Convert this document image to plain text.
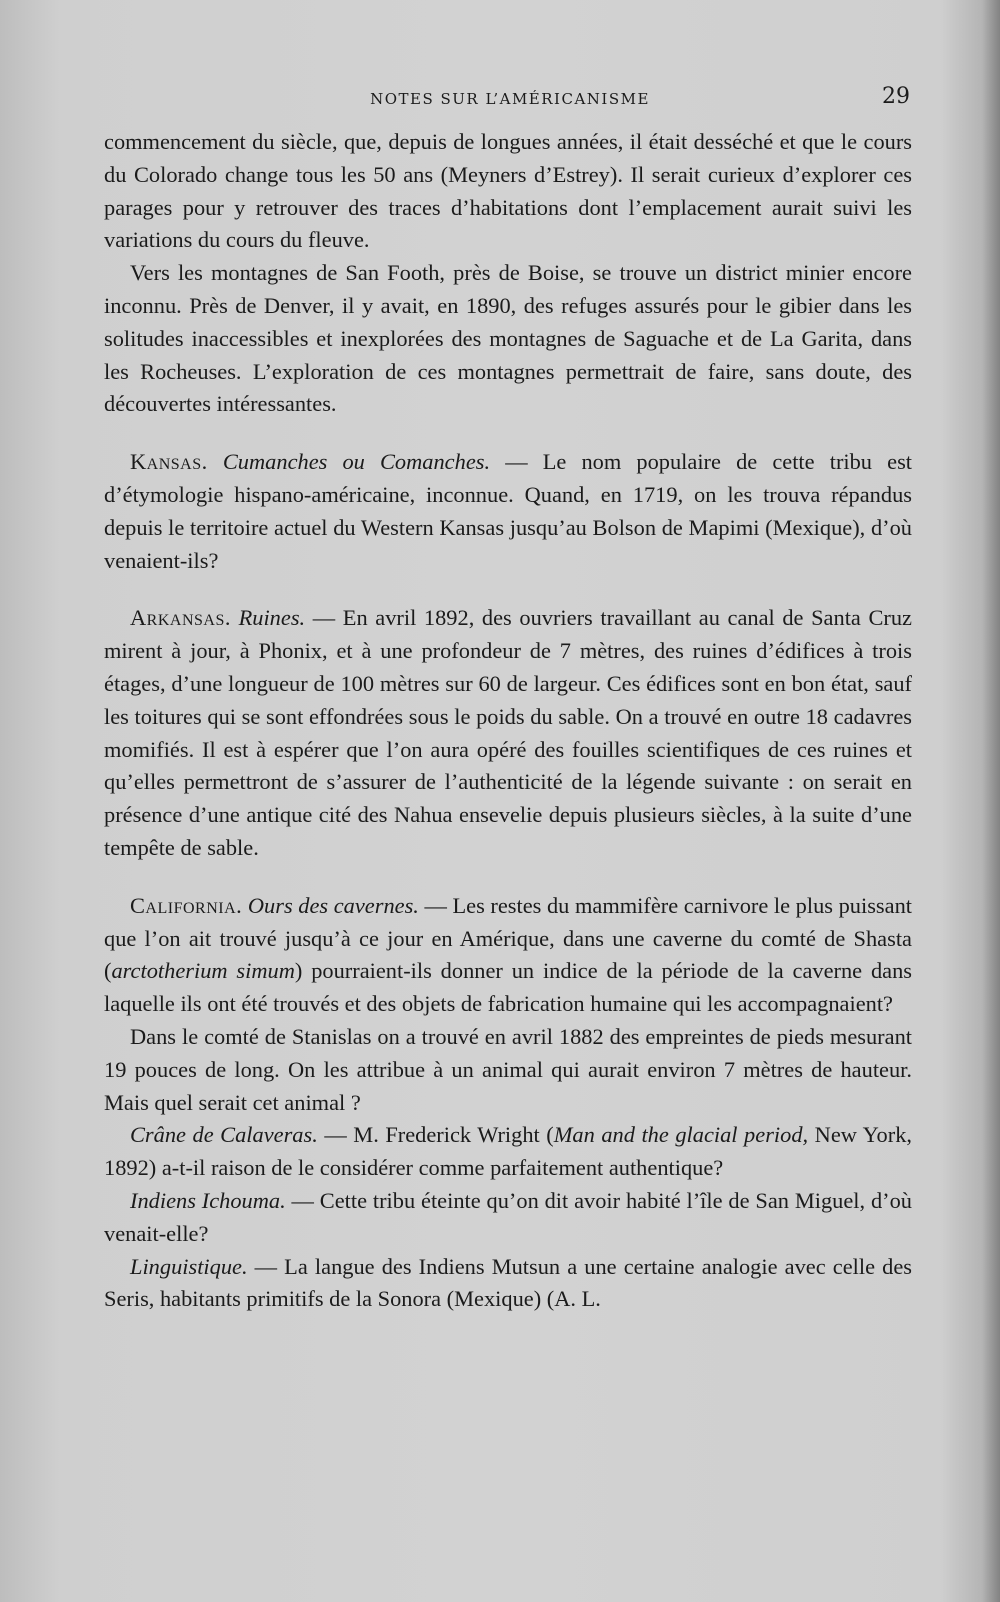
NOTES SUR L’AMÉRICANISME	29

commencement du siècle, que, depuis de longues années, il était desséché et que le cours du Colorado change tous les 50 ans (Meyners d’Estrey). Il serait curieux d’explorer ces parages pour y retrouver des traces d’habitations dont l’emplacement aurait suivi les variations du cours du fleuve.

Vers les montagnes de San Footh, près de Boise, se trouve un district minier encore inconnu. Près de Denver, il y avait, en 1890, des refuges assurés pour le gibier dans les solitudes inaccessibles et inexplorées des montagnes de Saguache et de La Garita, dans les Rocheuses. L’exploration de ces montagnes permettrait de faire, sans doute, des découvertes intéressantes.

Kansas. Cumanches ou Comanches. — Le nom populaire de cette tribu est d’étymologie hispano-américaine, inconnue. Quand, en 1719, on les trouva répandus depuis le territoire actuel du Western Kansas jusqu’au Bolson de Mapimi (Mexique), d’où venaient-ils?

Arkansas. Ruines. — En avril 1892, des ouvriers travaillant au canal de Santa Cruz mirent à jour, à Phonix, et à une profondeur de 7 mètres, des ruines d’édifices à trois étages, d’une longueur de 100 mètres sur 60 de largeur. Ces édifices sont en bon état, sauf les toitures qui se sont effondrées sous le poids du sable. On a trouvé en outre 18 cadavres momifiés. Il est à espérer que l’on aura opéré des fouilles scientifiques de ces ruines et qu’elles permettront de s’assurer de l’authenticité de la légende suivante : on serait en présence d’une antique cité des Nahua ensevelie depuis plusieurs siècles, à la suite d’une tempête de sable.

California. Ours des cavernes. — Les restes du mammifère carnivore le plus puissant que l’on ait trouvé jusqu’à ce jour en Amérique, dans une caverne du comté de Shasta (arctotherium simum) pourraient-ils donner un indice de la période de la caverne dans laquelle ils ont été trouvés et des objets de fabrication humaine qui les accompagnaient?

Dans le comté de Stanislas on a trouvé en avril 1882 des empreintes de pieds mesurant 19 pouces de long. On les attribue à un animal qui aurait environ 7 mètres de hauteur. Mais quel serait cet animal ?

Crâne de Calaveras. — M. Frederick Wright (Man and the glacial period, New York, 1892) a-t-il raison de le considérer comme parfaitement authentique?

Indiens Ichouma. — Cette tribu éteinte qu’on dit avoir habité l’île de San Miguel, d’où venait-elle?

Linguistique. — La langue des Indiens Mutsun a une certaine analogie avec celle des Seris, habitants primitifs de la Sonora (Mexique) (A. L.
